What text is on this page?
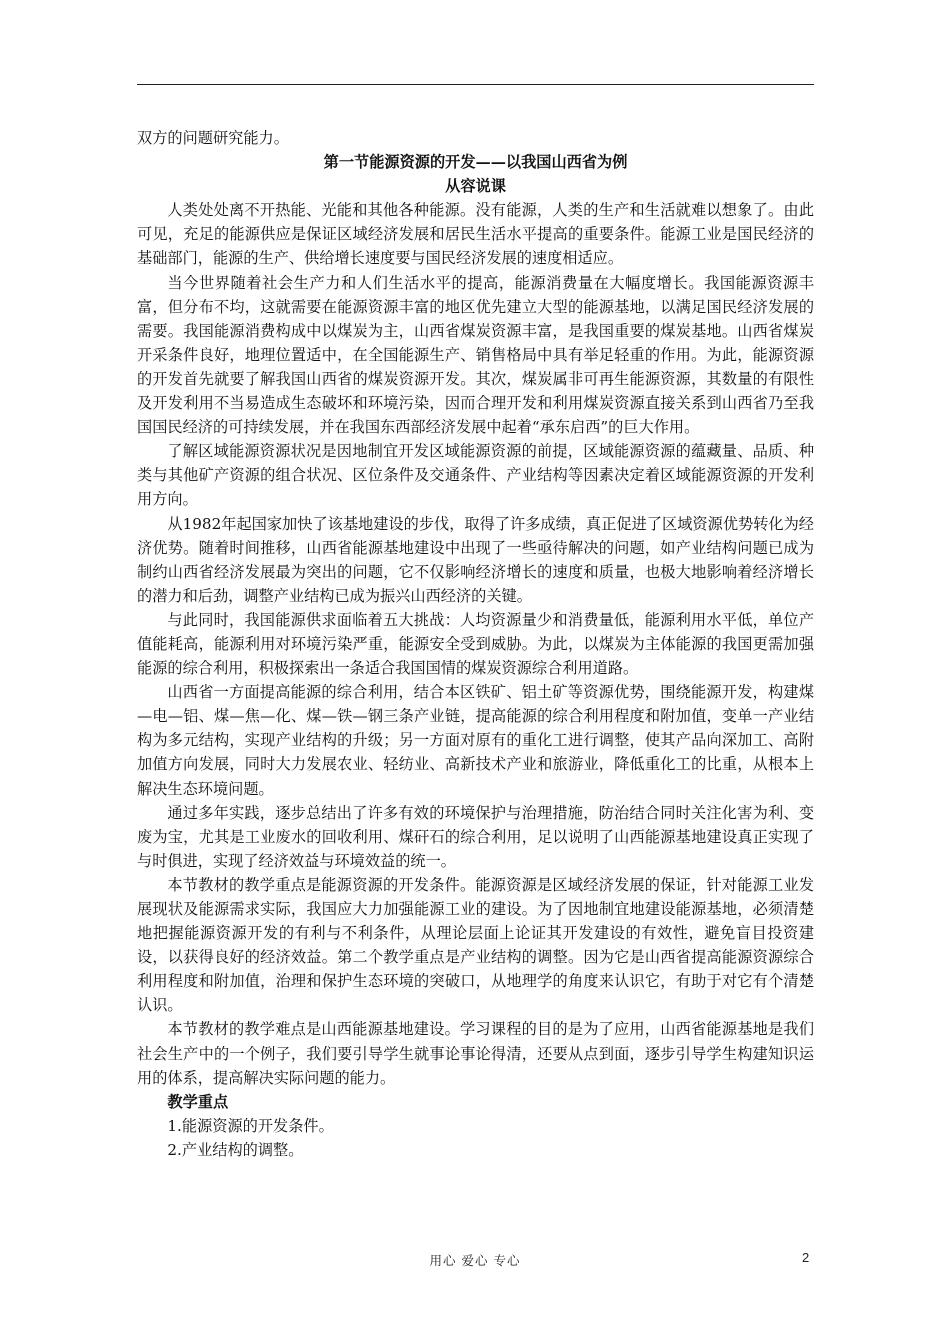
双方的问题研究能力。

第一节能源资源的开发——以我国山西省为例

从容说课

人类处处离不开热能、光能和其他各种能源。没有能源，人类的生产和生活就难以想象了。由此可见，充足的能源供应是保证区域经济发展和居民生活水平提高的重要条件。能源工业是国民经济的基础部门，能源的生产、供给增长速度要与国民经济发展的速度相适应。

当今世界随着社会生产力和人们生活水平的提高，能源消费量在大幅度增长。我国能源资源丰富，但分布不均，这就需要在能源资源丰富的地区优先建立大型的能源基地，以满足国民经济发展的需要。我国能源消费构成中以煤炭为主，山西省煤炭资源丰富，是我国重要的煤炭基地。山西省煤炭开采条件良好，地理位置适中，在全国能源生产、销售格局中具有举足轻重的作用。为此，能源资源的开发首先就要了解我国山西省的煤炭资源开发。其次，煤炭属非可再生能源资源，其数量的有限性及开发利用不当易造成生态破坏和环境污染，因而合理开发和利用煤炭资源直接关系到山西省乃至我国国民经济的可持续发展，并在我国东西部经济发展中起着“承东启西”的巨大作用。

了解区域能源资源状况是因地制宜开发区域能源资源的前提，区域能源资源的蕴藏量、品质、种类与其他矿产资源的组合状况、区位条件及交通条件、产业结构等因素决定着区域能源资源的开发利用方向。

从1982年起国家加快了该基地建设的步伐，取得了许多成绩，真正促进了区域资源优势转化为经济优势。随着时间推移，山西省能源基地建设中出现了一些亟待解决的问题，如产业结构问题已成为制约山西省经济发展最为突出的问题，它不仅影响经济增长的速度和质量，也极大地影响着经济增长的潜力和后劲，调整产业结构已成为振兴山西经济的关键。

与此同时，我国能源供求面临着五大挑战：人均资源量少和消费量低，能源利用水平低，单位产值能耗高，能源利用对环境污染严重，能源安全受到威胁。为此，以煤炭为主体能源的我国更需加强能源的综合利用，积极探索出一条适合我国国情的煤炭资源综合利用道路。

山西省一方面提高能源的综合利用，结合本区铁矿、铝土矿等资源优势，围绕能源开发，构建煤—电—铝、煤—焦—化、煤—铁—钢三条产业链，提高能源的综合利用程度和附加值，变单一产业结构为多元结构，实现产业结构的升级；另一方面对原有的重化工进行调整，使其产品向深加工、高附加值方向发展，同时大力发展农业、轻纺业、高新技术产业和旅游业，降低重化工的比重，从根本上解决生态环境问题。

通过多年实践，逐步总结出了许多有效的环境保护与治理措施，防治结合同时关注化害为利、变废为宝，尤其是工业废水的回收利用、煤矸石的综合利用，足以说明了山西能源基地建设真正实现了与时俱进，实现了经济效益与环境效益的统一。

本节教材的教学重点是能源资源的开发条件。能源资源是区域经济发展的保证，针对能源工业发展现状及能源需求实际，我国应大力加强能源工业的建设。为了因地制宜地建设能源基地，必须清楚地把握能源资源开发的有利与不利条件，从理论层面上论证其开发建设的有效性，避免盲目投资建设，以获得良好的经济效益。第二个教学重点是产业结构的调整。因为它是山西省提高能源资源综合利用程度和附加值，治理和保护生态环境的突破口，从地理学的角度来认识它，有助于对它有个清楚认识。

本节教材的教学难点是山西能源基地建设。学习课程的目的是为了应用，山西省能源基地是我们社会生产中的一个例子，我们要引导学生就事论事论得清，还要从点到面，逐步引导学生构建知识运用的体系，提高解决实际问题的能力。

教学重点

1.能源资源的开发条件。

2.产业结构的调整。

用心 爱心 专心	2
